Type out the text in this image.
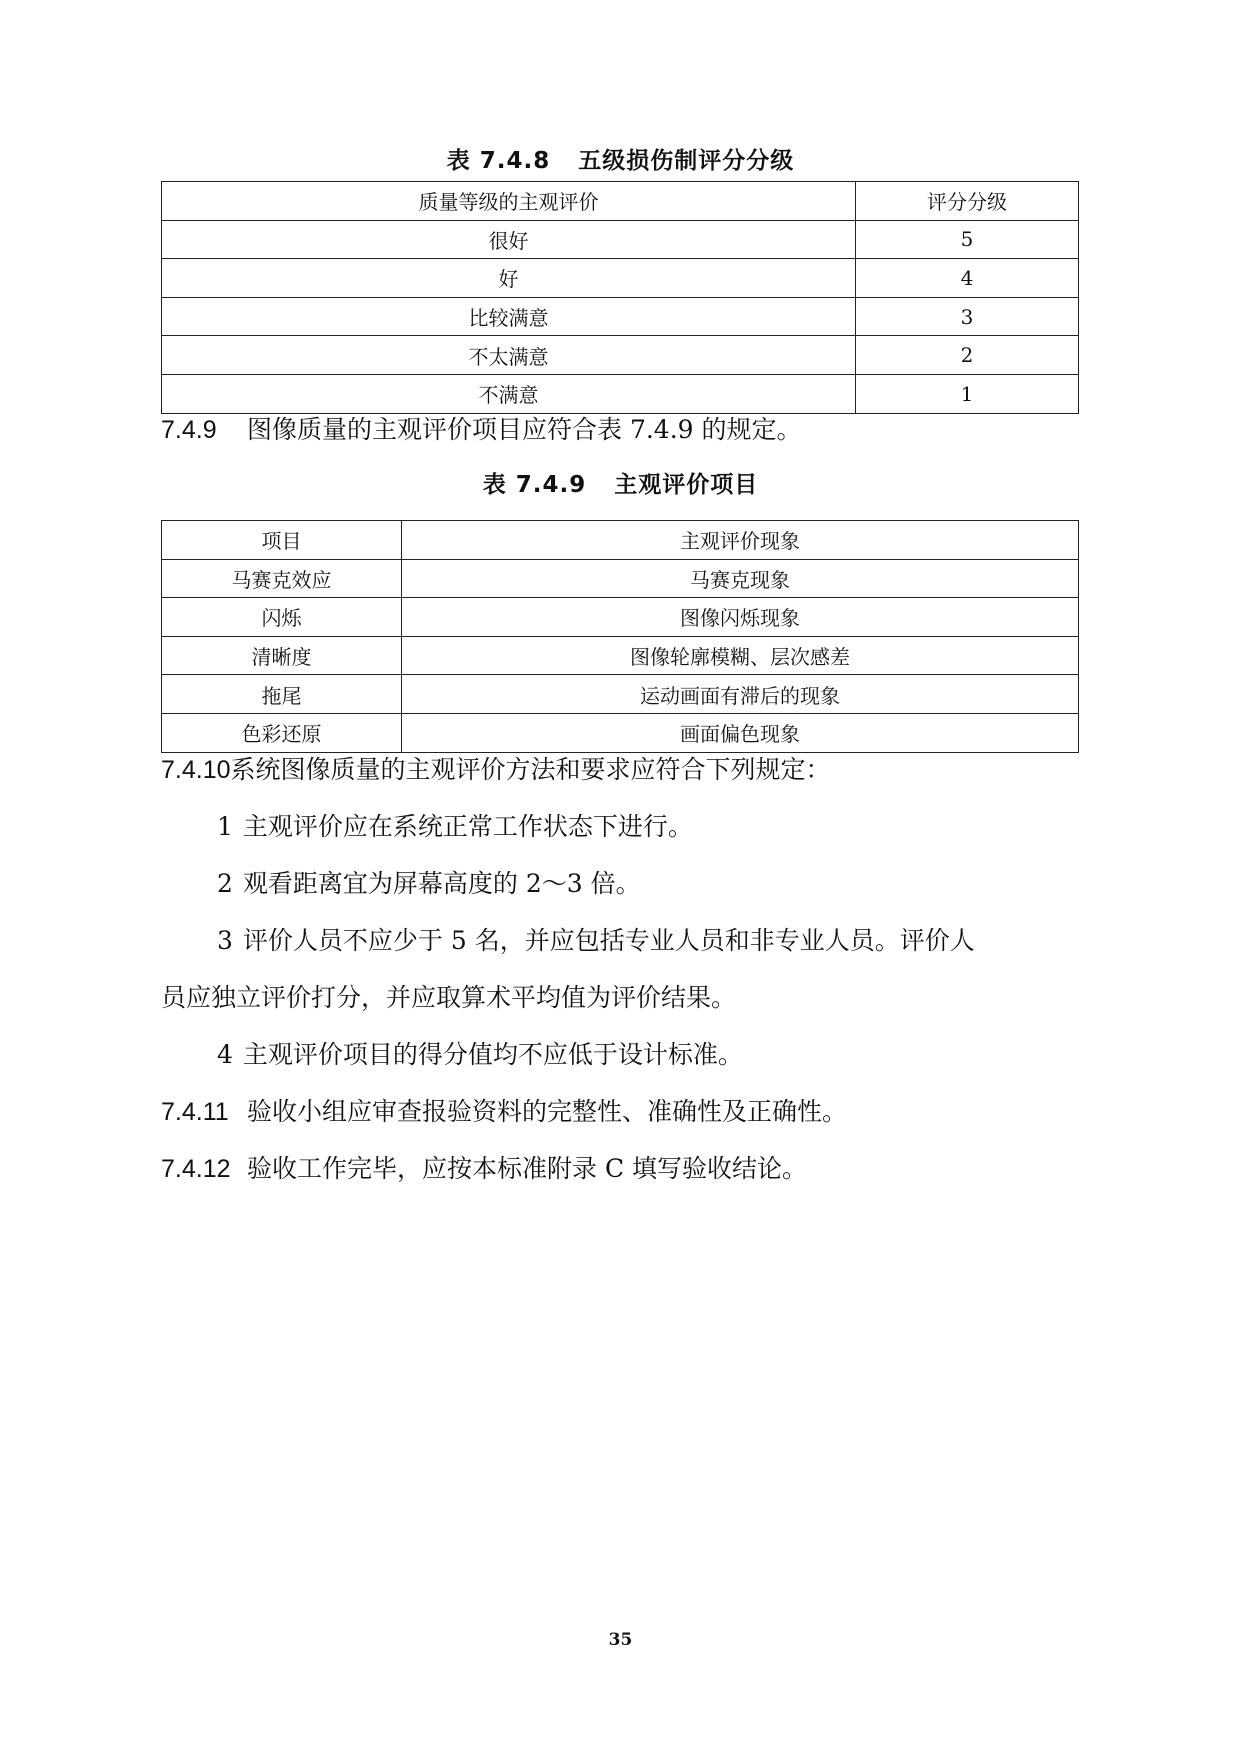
表 7.4.8 五级损伤制评分分级
质量等级的主观评价	评分分级
很好	5
好	4
比较满意	3
不太满意	2
不满意	1
7.4.9 图像质量的主观评价项目应符合表 7.4.9 的规定。
表 7.4.9 主观评价项目
项目	主观评价现象
马赛克效应	马赛克现象
闪烁	图像闪烁现象
清晰度	图像轮廓模糊、层次感差
拖尾	运动画面有滞后的现象
色彩还原	画面偏色现象
7.4.10系统图像质量的主观评价方法和要求应符合下列规定：
1 主观评价应在系统正常工作状态下进行。
2 观看距离宜为屏幕高度的 2～3 倍。
3 评价人员不应少于 5 名，并应包括专业人员和非专业人员。评价人
员应独立评价打分，并应取算术平均值为评价结果。
4 主观评价项目的得分值均不应低于设计标准。
7.4.11 验收小组应审查报验资料的完整性、准确性及正确性。
7.4.12 验收工作完毕，应按本标准附录 C 填写验收结论。
35
